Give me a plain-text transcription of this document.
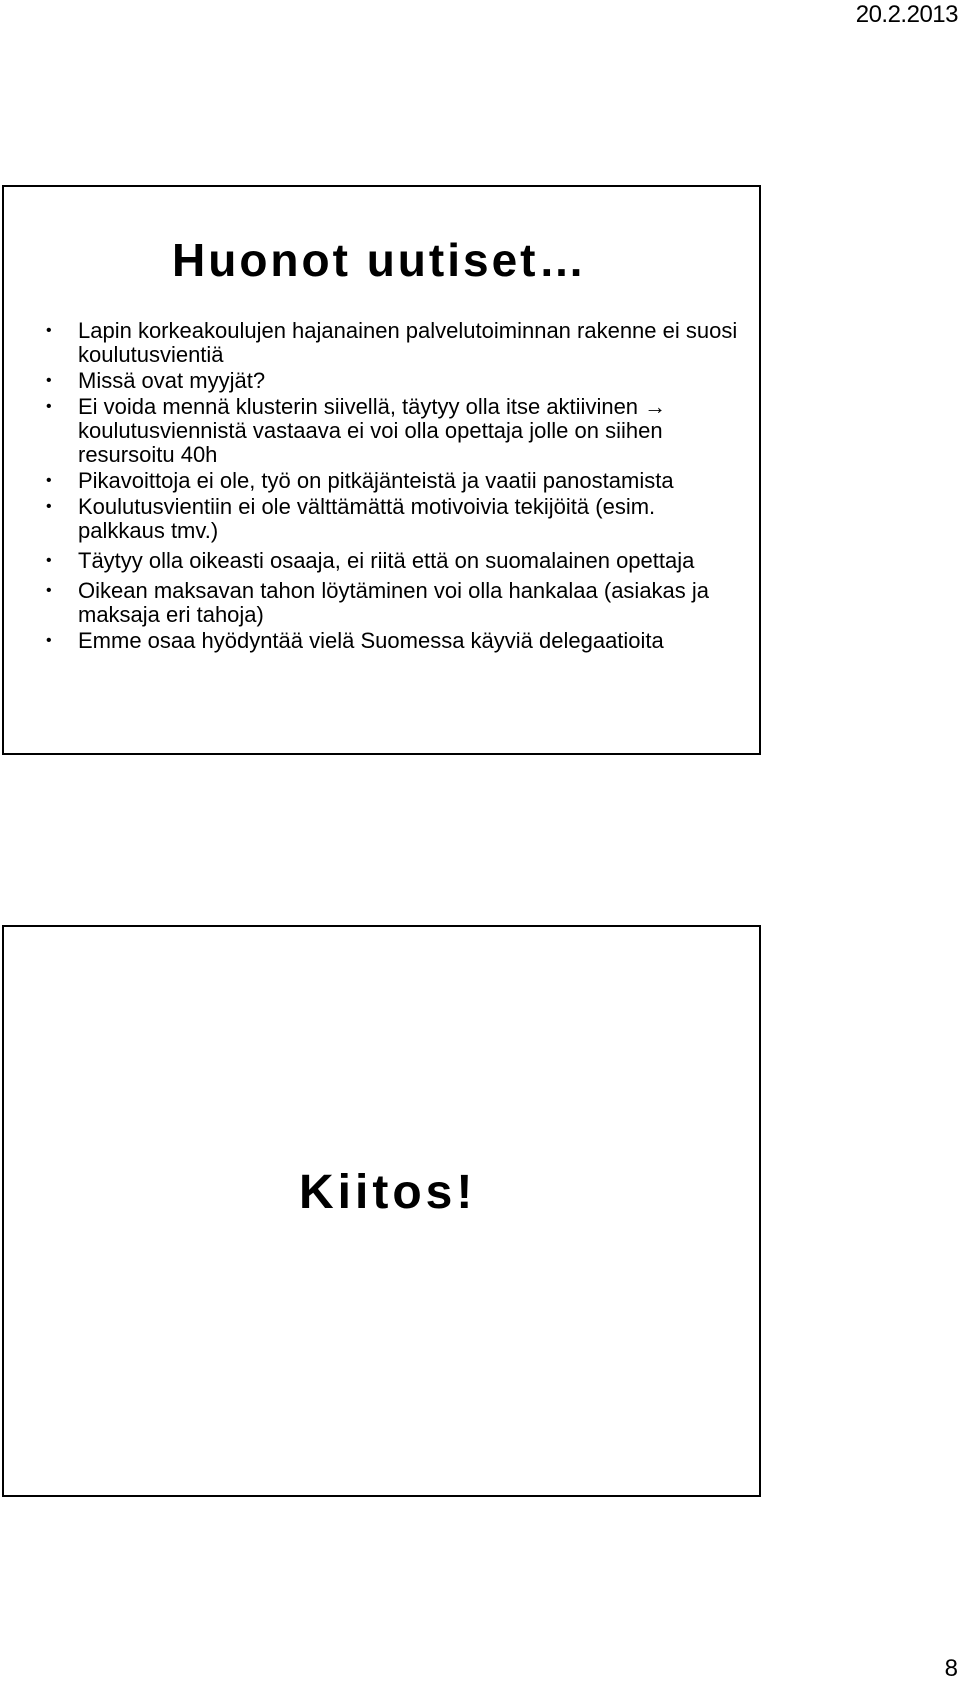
20.2.2013
Huonot uutiset…
• Lapin korkeakoulujen hajanainen palvelutoiminnan rakenne ei suosi koulutusvientiä
• Missä ovat myyjät?
• Ei voida mennä klusterin siivellä, täytyy olla itse aktiivinen → koulutusviennistä vastaava ei voi olla opettaja jolle on siihen resursoitu 40h
• Pikavoittoja ei ole, työ on pitkäjänteistä ja vaatii panostamista
• Koulutusvientiin ei ole välttämättä motivoivia tekijöitä (esim. palkkaus tmv.)
• Täytyy olla oikeasti osaaja, ei riitä että on suomalainen opettaja
• Oikean maksavan tahon löytäminen voi olla hankalaa (asiakas ja maksaja eri tahoja)
• Emme osaa hyödyntää vielä Suomessa käyviä delegaatioita
Kiitos!
8
